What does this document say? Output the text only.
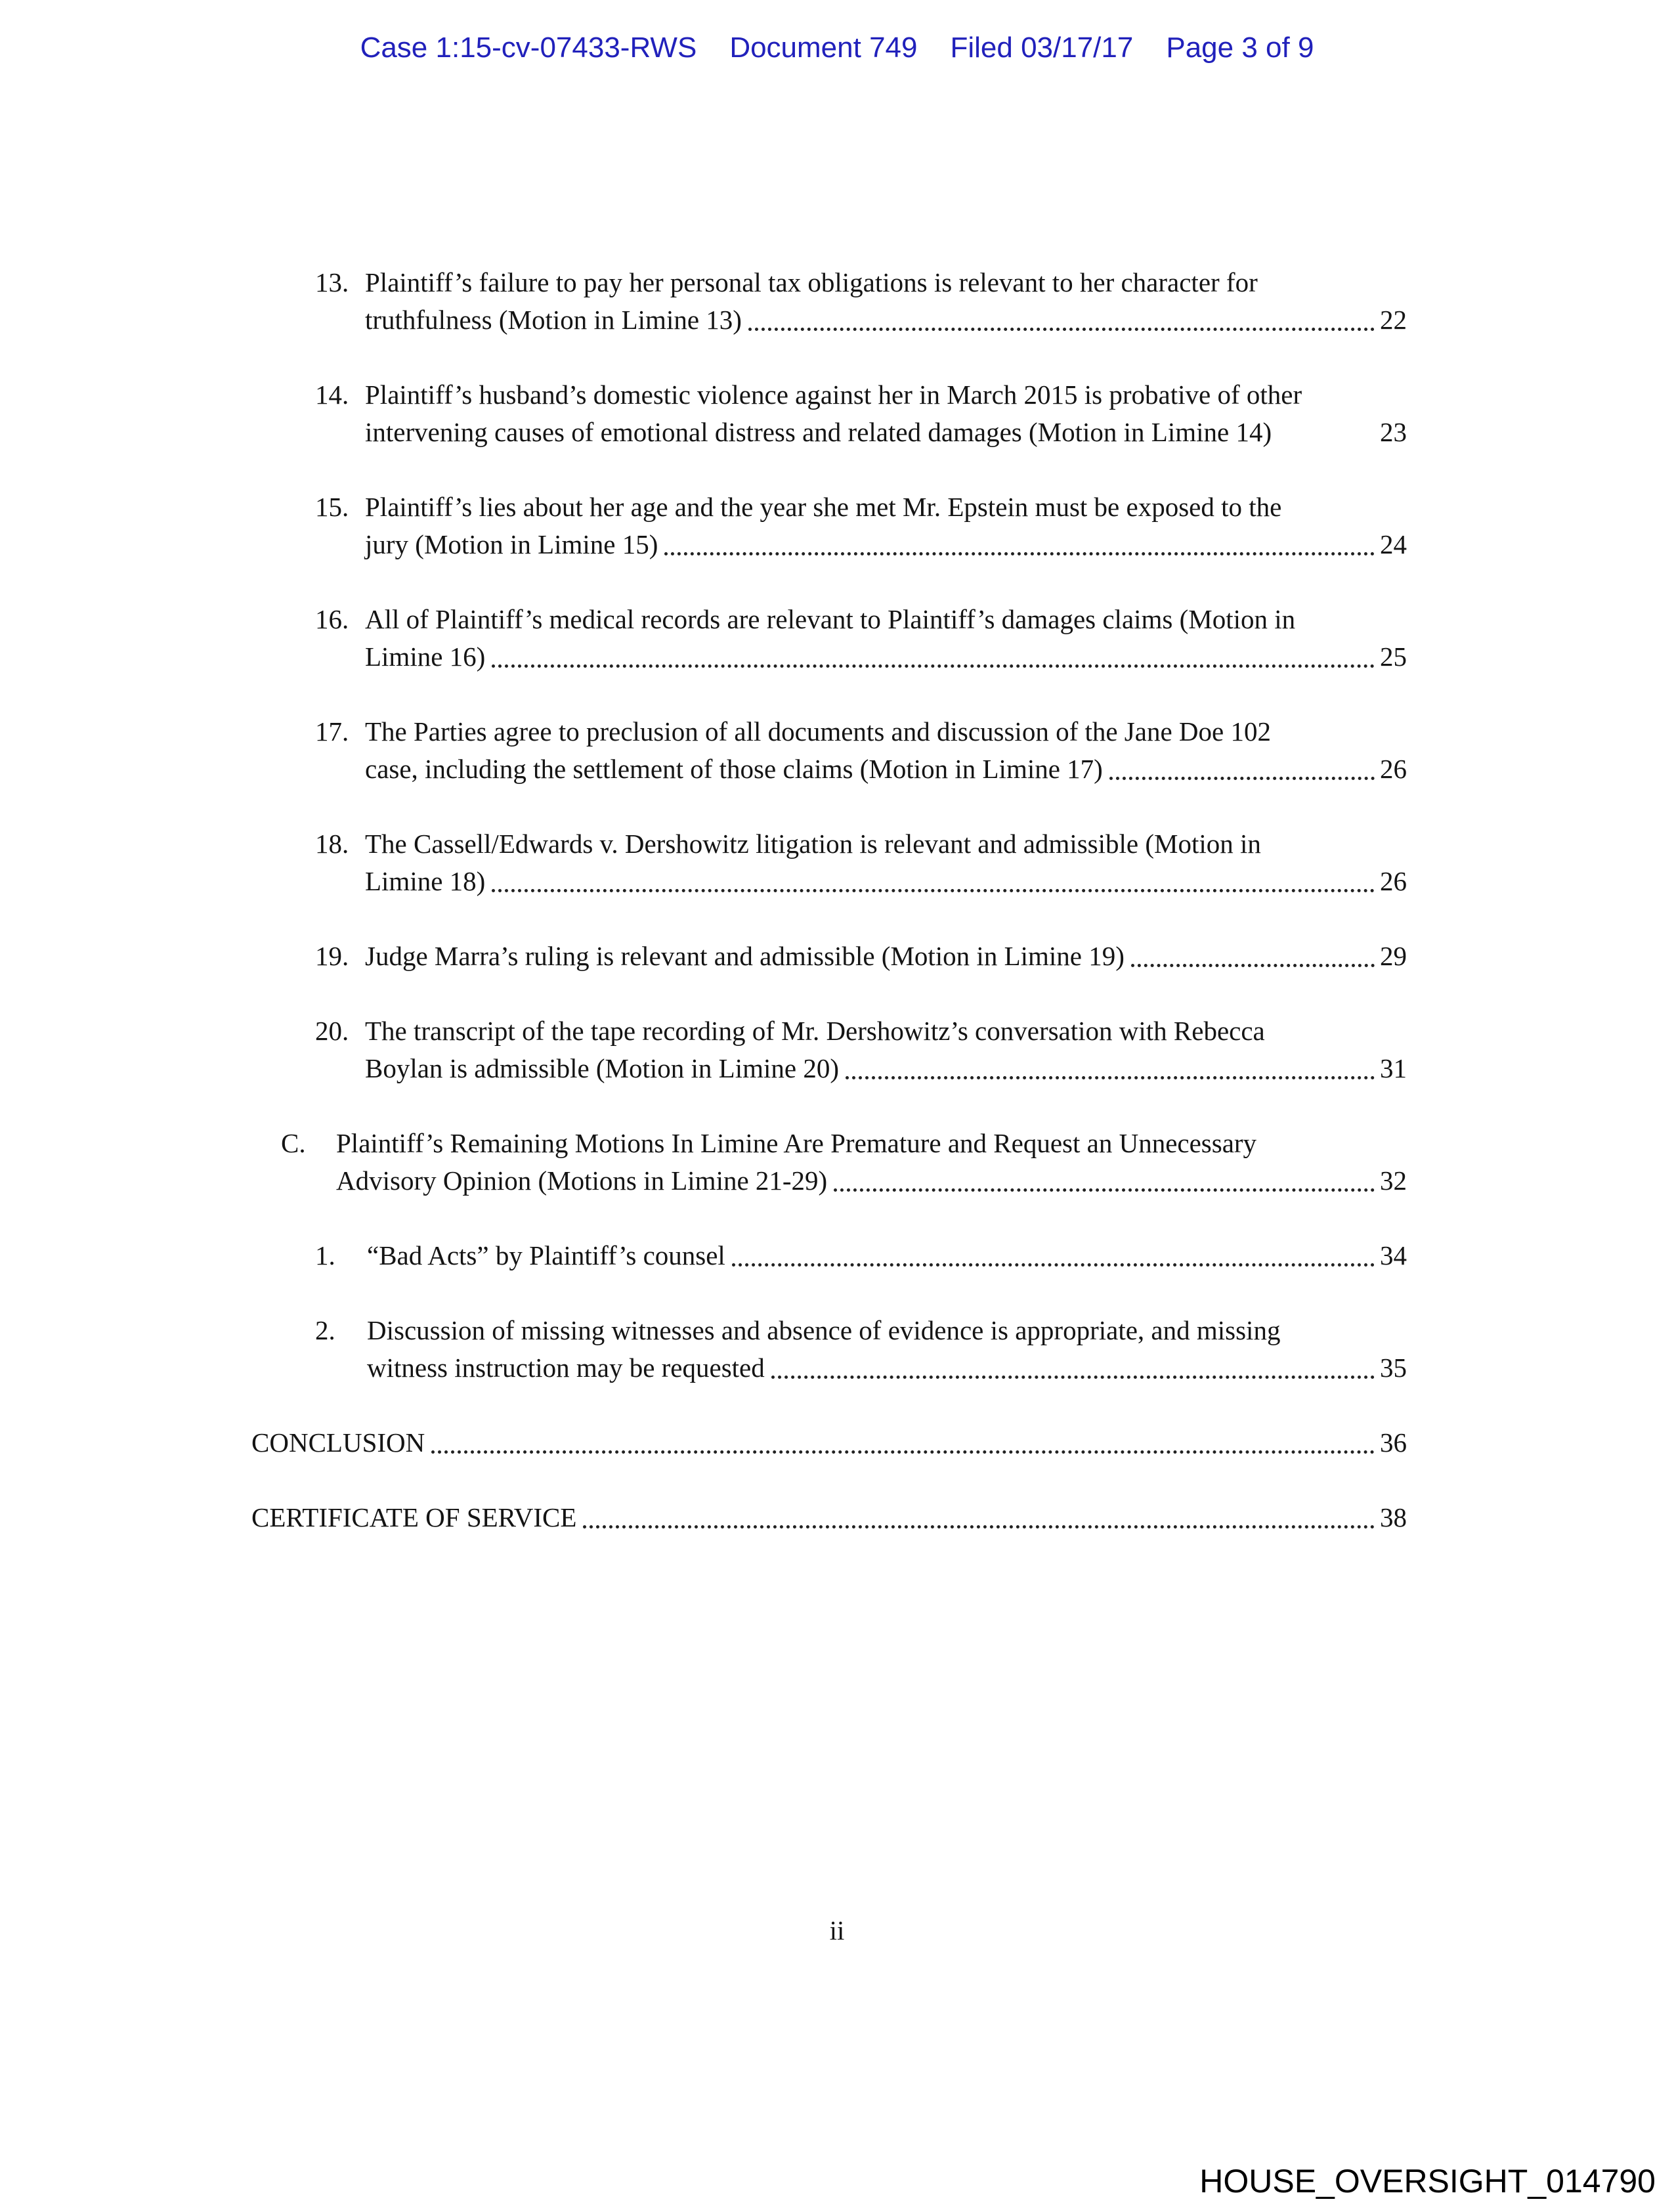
Case 1:15-cv-07433-RWS Document 749 Filed 03/17/17 Page 3 of 9
13. Plaintiff’s failure to pay her personal tax obligations is relevant to her character for
truthfulness (Motion in Limine 13)	22
14. Plaintiff’s husband’s domestic violence against her in March 2015 is probative of other
intervening causes of emotional distress and related damages (Motion in Limine 14)	23
15. Plaintiff’s lies about her age and the year she met Mr. Epstein must be exposed to the
jury (Motion in Limine 15)	24
16. All of Plaintiff’s medical records are relevant to Plaintiff’s damages claims (Motion in
Limine 16)	25
17. The Parties agree to preclusion of all documents and discussion of the Jane Doe 102
case, including the settlement of those claims (Motion in Limine 17)	26
18. The Cassell/Edwards v. Dershowitz litigation is relevant and admissible (Motion in
Limine 18)	26
19. Judge Marra’s ruling is relevant and admissible (Motion in Limine 19)	29
20. The transcript of the tape recording of Mr. Dershowitz’s conversation with Rebecca
Boylan is admissible (Motion in Limine 20)	31
C.	Plaintiff’s Remaining Motions In Limine Are Premature and Request an Unnecessary
Advisory Opinion (Motions in Limine 21-29)	32
1.	“Bad Acts” by Plaintiff’s counsel	34
2.	Discussion of missing witnesses and absence of evidence is appropriate, and missing
witness instruction may be requested	35
CONCLUSION	36
CERTIFICATE OF SERVICE	38
ii
HOUSE_OVERSIGHT_014790
